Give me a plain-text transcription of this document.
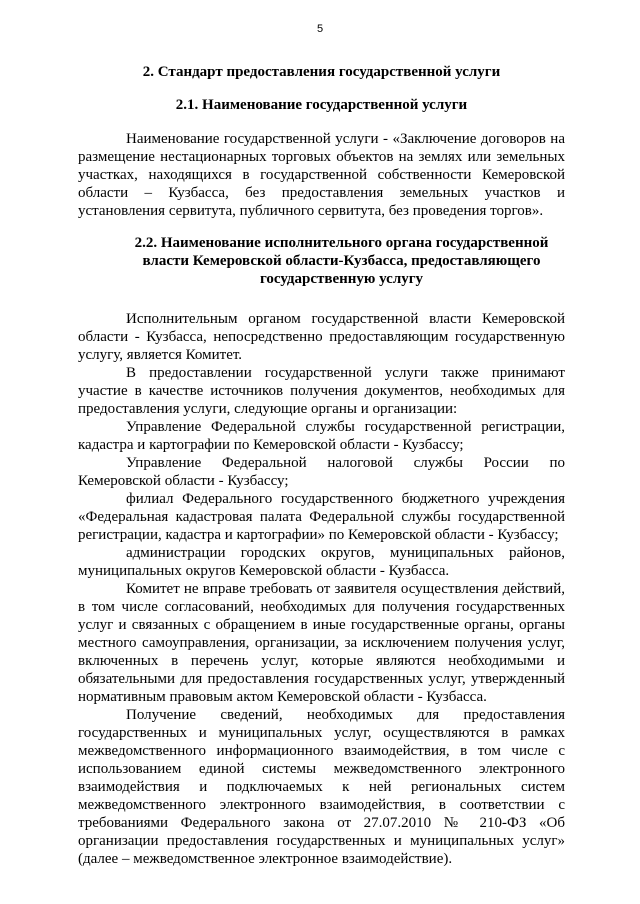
5
2. Стандарт предоставления государственной услуги
2.1. Наименование государственной услуги

Наименование государственной услуги - «Заключение договоров на размещение нестационарных торговых объектов на землях или земельных участках, находящихся в государственной собственности Кемеровской области – Кузбасса, без предоставления земельных участков и установления сервитута, публичного сервитута, без проведения торгов».

2.2. Наименование исполнительного органа государственной власти Кемеровской области-Кузбасса, предоставляющего государственную услугу

Исполнительным органом государственной власти Кемеровской области - Кузбасса, непосредственно предоставляющим государственную услугу, является Комитет.

В предоставлении государственной услуги также принимают участие в качестве источников получения документов, необходимых для предоставления услуги, следующие органы и организации:

Управление Федеральной службы государственной регистрации, кадастра и картографии по Кемеровской области - Кузбассу;

Управление Федеральной налоговой службы России по Кемеровской области - Кузбассу;

филиал Федерального государственного бюджетного учреждения «Федеральная кадастровая палата Федеральной службы государственной регистрации, кадастра и картографии» по Кемеровской области - Кузбассу;

администрации городских округов, муниципальных районов, муниципальных округов Кемеровской области - Кузбасса.

Комитет не вправе требовать от заявителя осуществления действий, в том числе согласований, необходимых для получения государственных услуг и связанных с обращением в иные государственные органы, органы местного самоуправления, организации, за исключением получения услуг, включенных в перечень услуг, которые являются необходимыми и обязательными для предоставления государственных услуг, утвержденный нормативным правовым актом Кемеровской области - Кузбасса.

Получение сведений, необходимых для предоставления государственных и муниципальных услуг, осуществляются в рамках межведомственного информационного взаимодействия, в том числе с использованием единой системы межведомственного электронного взаимодействия и подключаемых к ней региональных систем межведомственного электронного взаимодействия, в соответствии с требованиями Федерального закона от 27.07.2010 № 210-ФЗ «Об организации предоставления государственных и муниципальных услуг» (далее – межведомственное электронное взаимодействие).
